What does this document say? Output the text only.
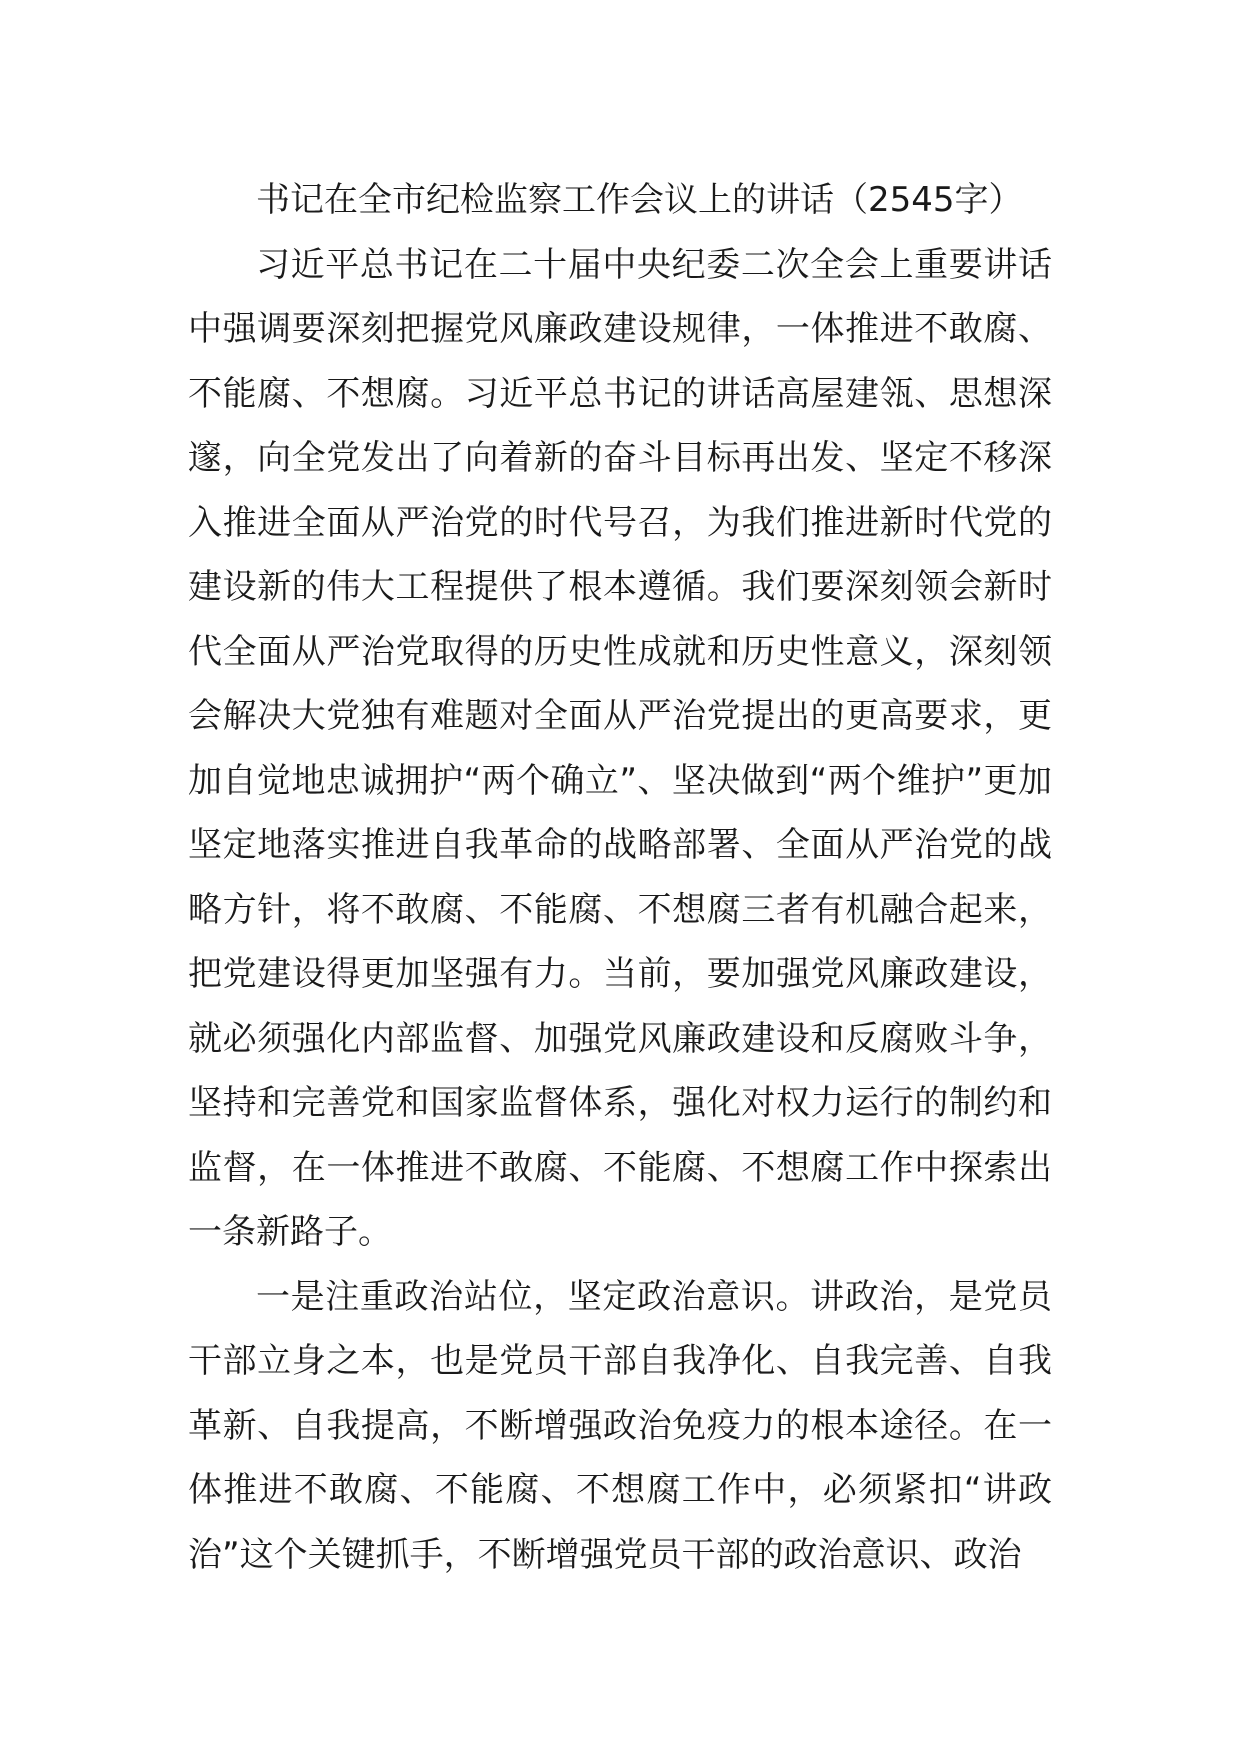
书记在全市纪检监察工作会议上的讲话（2545字）

习近平总书记在二十届中央纪委二次全会上重要讲话中强调要深刻把握党风廉政建设规律，一体推进不敢腐、不能腐、不想腐。习近平总书记的讲话高屋建瓴、思想深邃，向全党发出了向着新的奋斗目标再出发、坚定不移深入推进全面从严治党的时代号召，为我们推进新时代党的建设新的伟大工程提供了根本遵循。我们要深刻领会新时代全面从严治党取得的历史性成就和历史性意义，深刻领会解决大党独有难题对全面从严治党提出的更高要求，更加自觉地忠诚拥护“两个确立”、坚决做到“两个维护”更加坚定地落实推进自我革命的战略部署、全面从严治党的战略方针，将不敢腐、不能腐、不想腐三者有机融合起来，把党建设得更加坚强有力。当前，要加强党风廉政建设，就必须强化内部监督、加强党风廉政建设和反腐败斗争，坚持和完善党和国家监督体系，强化对权力运行的制约和监督，在一体推进不敢腐、不能腐、不想腐工作中探索出一条新路子。

一是注重政治站位，坚定政治意识。讲政治，是党员干部立身之本，也是党员干部自我净化、自我完善、自我革新、自我提高，不断增强政治免疫力的根本途径。在一体推进不敢腐、不能腐、不想腐工作中，必须紧扣“讲政治”这个关键抓手，不断增强党员干部的政治意识、政治
